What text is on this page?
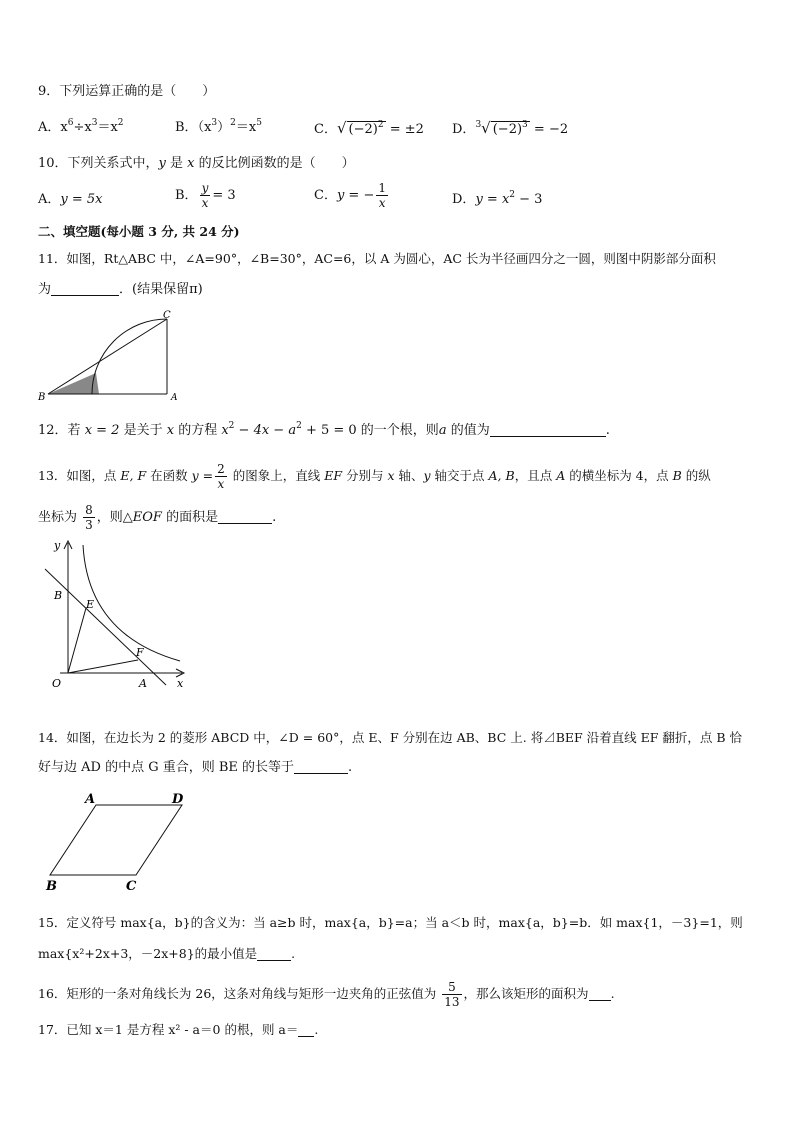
9．下列运算正确的是（　　）
A．$x^6\div x^3=x^2$	B．$(x^3)^2=x^5$	C．√ $(-2)^2 = \pm 2$ D．$^3$√ $(-2)^3 = -2$
10．下列关系式中，y 是 x 的反比例函数的是（　　）
A．y = 5x	B． $\frac{y}{x} = 3$	C．y = − $\frac{1}{x}$	D．$y = x^2 - 3$
二、填空题(每小题 3 分, 共 24 分)
11．如图，Rt△ABC 中，∠A=90°，∠B=30°，AC=6，以 A 为圆心，AC 长为半径画四分之一圆，则图中阴影部分面积
为	．(结果保留π)
B	A
C
12．若 x = 2 是关于 x 的方程 $x^2 - 4x - a^2 + 5 = 0$ 的一个根，则a 的值为	.
13．如图，点 E, F 在函数 $y = \frac{2}{x}$ 的图象上，直线 EF 分别与 x 轴、y 轴交于点 A, B，且点 A 的横坐标为 4，点 B 的纵
坐标为 $\frac{8}{3}$ ，则△EOF 的面积是	.
y
x
B
E
F
O	A
14．如图，在边长为 2 的菱形 ABCD 中，∠D = 60°，点 E、F 分别在边 AB、BC 上. 将⊿BEF 沿着直线 EF 翻折，点 B 恰
好与边 AD 的中点 G 重合，则 BE 的长等于	.
A	D
B	C
15．定义符号 max{a，b}的含义为：当 a≥b 时，max{a，b}=a；当 a＜b 时，max{a，b}=b．如 max{1，－3}=1，则
max{x²+2x+3，－2x+8}的最小值是	.
16．矩形的一条对角线长为 26，这条对角线与矩形一边夹角的正弦值为 $\frac{5}{13}$ ，那么该矩形的面积为 .
17．已知 x＝1 是方程 x² - a＝0 的根，则 a＝ .
